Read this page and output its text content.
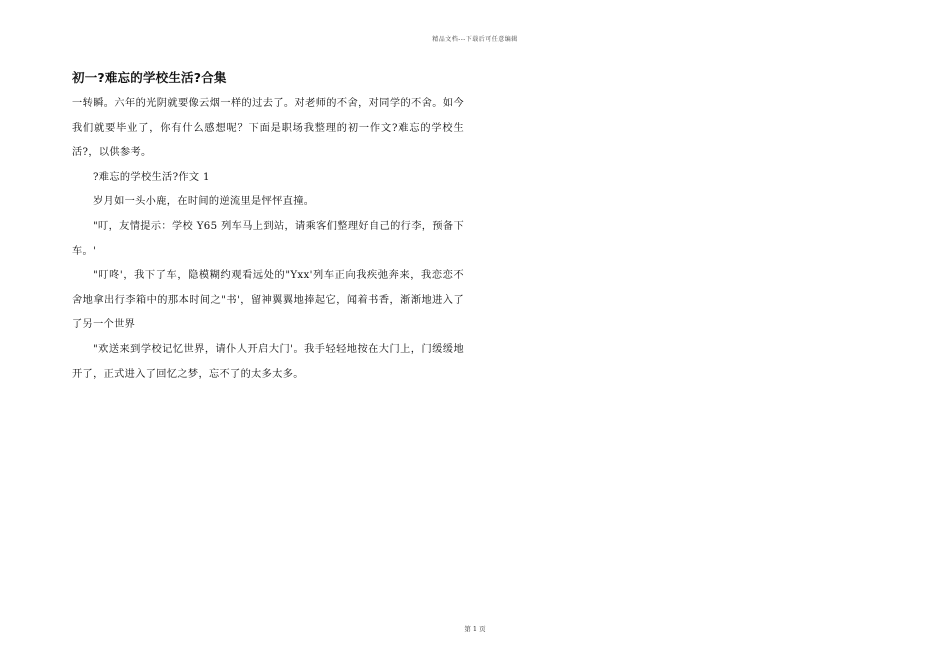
精品文档---下载后可任意编辑
初一?难忘的学校生活?合集

一转瞬。六年的光阴就要像云烟一样的过去了。对老师的不舍，对同学的不舍。如今我们就要毕业了，你有什么感想呢？下面是职场我整理的初一作文?难忘的学校生活?，以供参考。

?难忘的学校生活?作文 1

岁月如一头小鹿，在时间的逆流里是怦怦直撞。

"叮，友情提示：学校 Y65 列车马上到站，请乘客们整理好自己的行李，预备下车。'

"叮咚'，我下了车，隐模糊约观看远处的"Yxx'列车正向我疾弛奔来，我恋恋不舍地拿出行李箱中的那本时间之"书'，留神翼翼地捧起它，闻着书香，渐渐地进入了了另一个世界

"欢送来到学校记忆世界，请仆人开启大门'。我手轻轻地按在大门上，门缓缓地开了，正式进入了回忆之梦，忘不了的太多太多。

第 1 页
